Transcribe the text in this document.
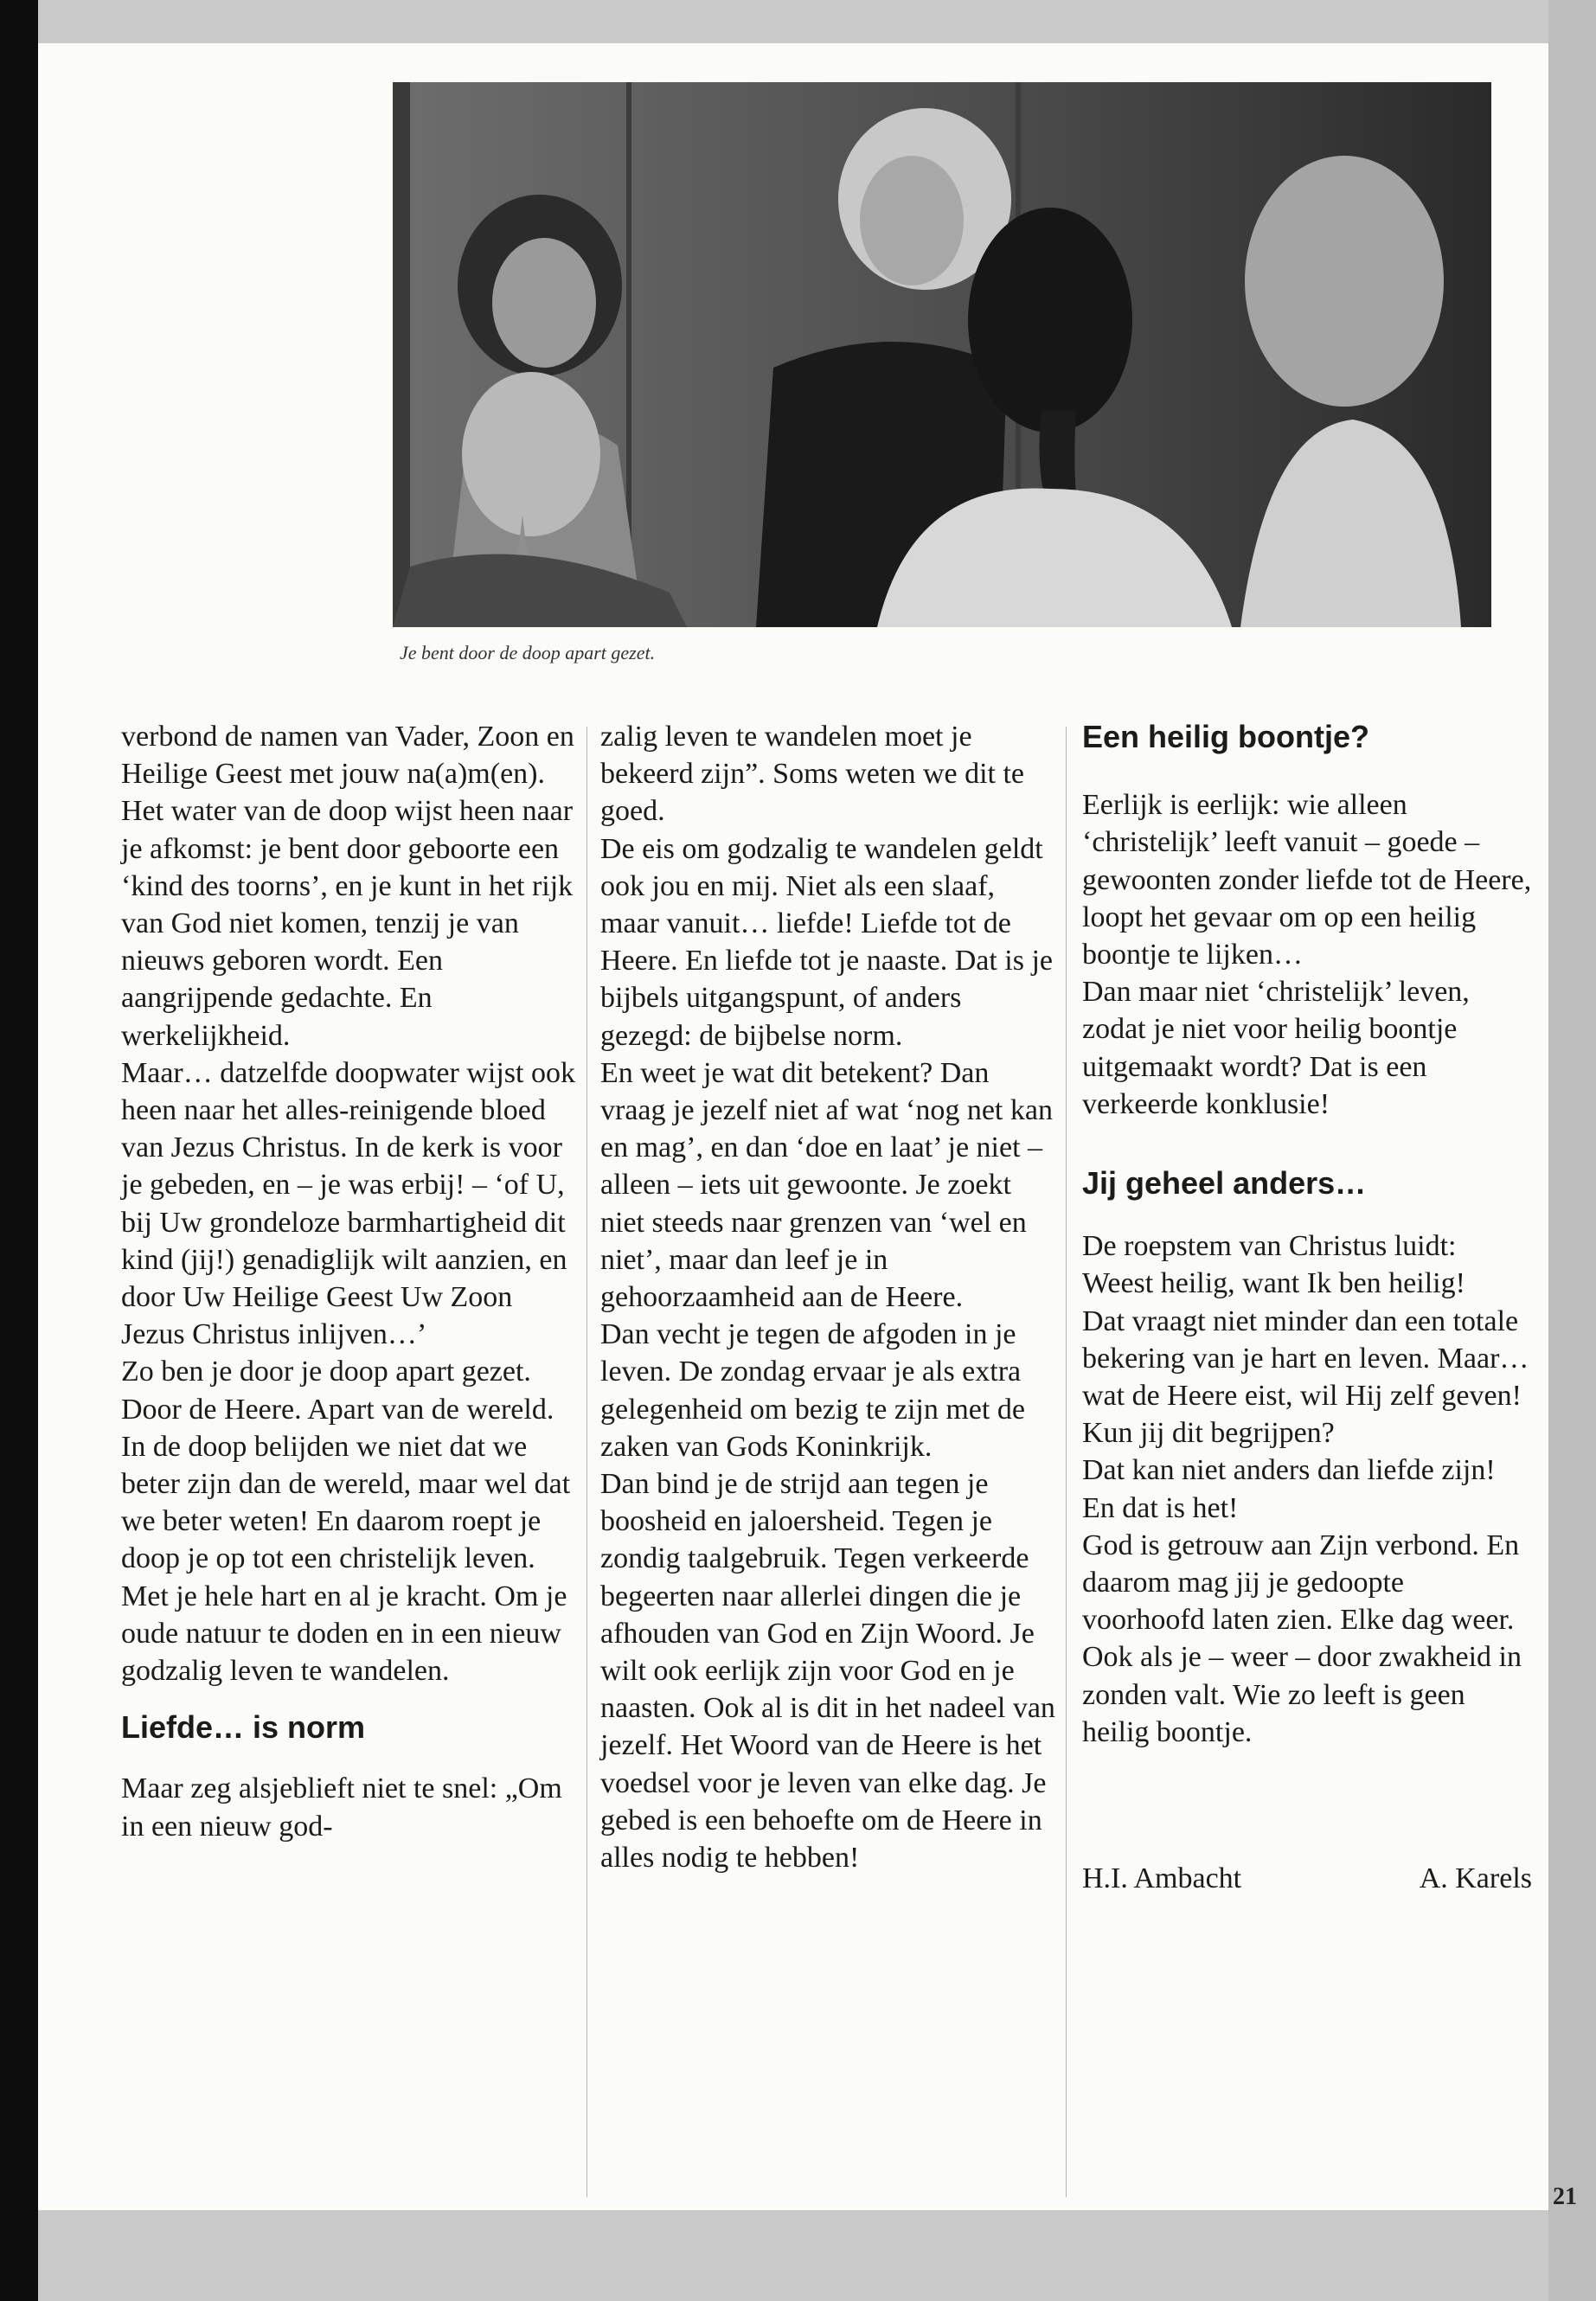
Je bent door de doop apart gezet.

verbond de namen van Vader, Zoon en Heilige Geest met jouw na(a)m(en).

Het water van de doop wijst heen naar je afkomst: je bent door geboorte een ‘kind des toorns’, en je kunt in het rijk van God niet komen, tenzij je van nieuws geboren wordt. Een aangrijpende gedachte. En werkelijkheid.

Maar… datzelfde doopwater wijst ook heen naar het alles-reinigende bloed van Jezus Christus. In de kerk is voor je gebeden, en – je was erbij! – ‘of U, bij Uw grondeloze barmhartigheid dit kind (jij!) genadiglijk wilt aanzien, en door Uw Heilige Geest Uw Zoon Jezus Christus inlijven…’

Zo ben je door je doop apart gezet. Door de Heere. Apart van de wereld. In de doop belijden we niet dat we beter zijn dan de wereld, maar wel dat we beter weten! En daarom roept je doop je op tot een christelijk leven. Met je hele hart en al je kracht. Om je oude natuur te doden en in een nieuw godzalig leven te wandelen.

Liefde… is norm

Maar zeg alsjeblieft niet te snel: „Om in een nieuw god-

zalig leven te wandelen moet je bekeerd zijn”. Soms weten we dit te goed.

De eis om godzalig te wandelen geldt ook jou en mij. Niet als een slaaf, maar vanuit… liefde! Liefde tot de Heere. En liefde tot je naaste. Dat is je bijbels uitgangspunt, of anders gezegd: de bijbelse norm.

En weet je wat dit betekent? Dan vraag je jezelf niet af wat ‘nog net kan en mag’, en dan ‘doe en laat’ je niet – alleen – iets uit gewoonte. Je zoekt niet steeds naar grenzen van ‘wel en niet’, maar dan leef je in gehoorzaamheid aan de Heere.

Dan vecht je tegen de afgoden in je leven. De zondag ervaar je als extra gelegenheid om bezig te zijn met de zaken van Gods Koninkrijk.

Dan bind je de strijd aan tegen je boosheid en jaloersheid. Tegen je zondig taalgebruik. Tegen verkeerde begeerten naar allerlei dingen die je afhouden van God en Zijn Woord. Je wilt ook eerlijk zijn voor God en je naasten. Ook al is dit in het nadeel van jezelf. Het Woord van de Heere is het voedsel voor je leven van elke dag. Je gebed is een behoefte om de Heere in alles nodig te hebben!

Een heilig boontje?

Eerlijk is eerlijk: wie alleen ‘christelijk’ leeft vanuit – goede – gewoonten zonder liefde tot de Heere, loopt het gevaar om op een heilig boontje te lijken…

Dan maar niet ‘christelijk’ leven, zodat je niet voor heilig boontje uitgemaakt wordt? Dat is een verkeerde konklusie!

Jij geheel anders…

De roepstem van Christus luidt: Weest heilig, want Ik ben heilig!

Dat vraagt niet minder dan een totale bekering van je hart en leven. Maar… wat de Heere eist, wil Hij zelf geven! Kun jij dit begrijpen?

Dat kan niet anders dan liefde zijn!

En dat is het!

God is getrouw aan Zijn verbond. En daarom mag jij je gedoopte voorhoofd laten zien. Elke dag weer.

Ook als je – weer – door zwakheid in zonden valt. Wie zo leeft is geen heilig boontje.

H.I. Ambacht	A. Karels
21
